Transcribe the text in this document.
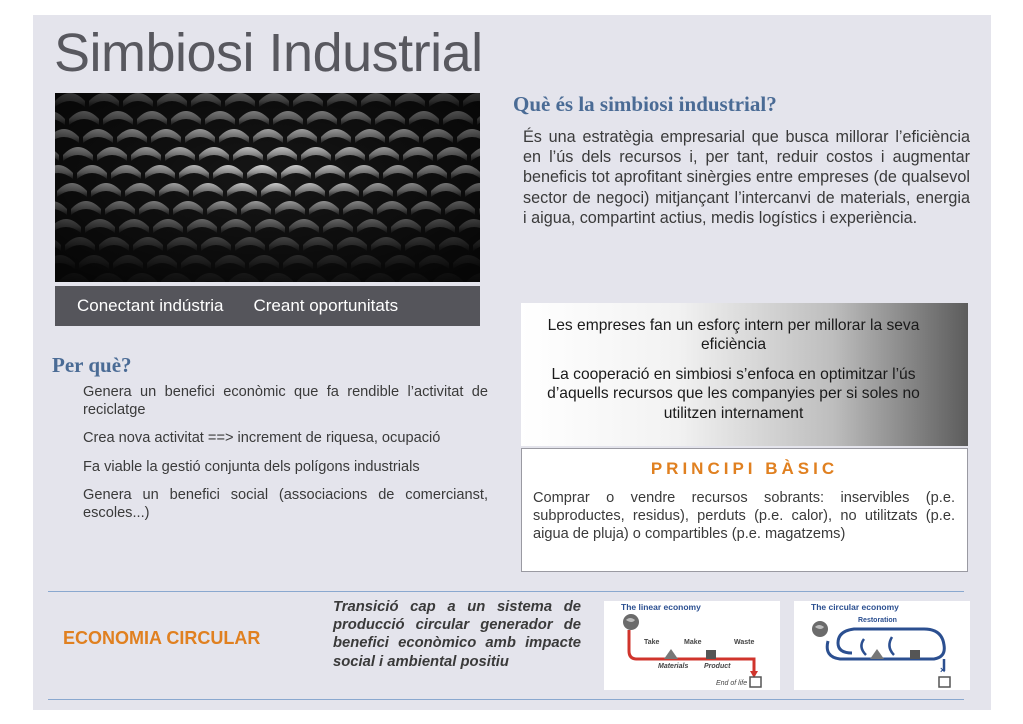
Simbiosi Industrial
Conectant indústria Creant oportunitats
Què és la simbiosi industrial?

És una estratègia empresarial que busca millorar l’eficiència en l’ús dels recursos i, per tant, reduir costos i augmentar beneficis tot aprofitant sinèrgies entre empreses (de qualsevol sector de negoci) mitjançant l’intercanvi de materials, energia i aigua, compartint actius, medis logístics i experiència.

Per què?
Genera un benefici econòmic que fa rendible l’activitat de reciclatge
Crea nova activitat ==> increment de riquesa, ocupació
Fa viable la gestió conjunta dels polígons industrials
Genera un benefici social (associacions de comercianst, escoles...)

Les empreses fan un esforç intern per millorar la seva eficiència

La cooperació en simbiosi s’enfoca en optimitzar l’ús d’aquells recursos que les companyies per si soles no utilitzen internament

PRINCIPI BÀSIC

Comprar o vendre recursos sobrants: inservibles (p.e. subproductes, residus), perduts (p.e. calor), no utilitzats (p.e. aigua de pluja) o compartibles (p.e. magatzems)

ECONOMIA CIRCULAR

Transició cap a un sistema de producció circular generador de benefici econòmico amb impacte social i ambiental positiu

The linear economy
Take	Make	Waste
Materials Product
End of life
The circular economy
×
Restoration
